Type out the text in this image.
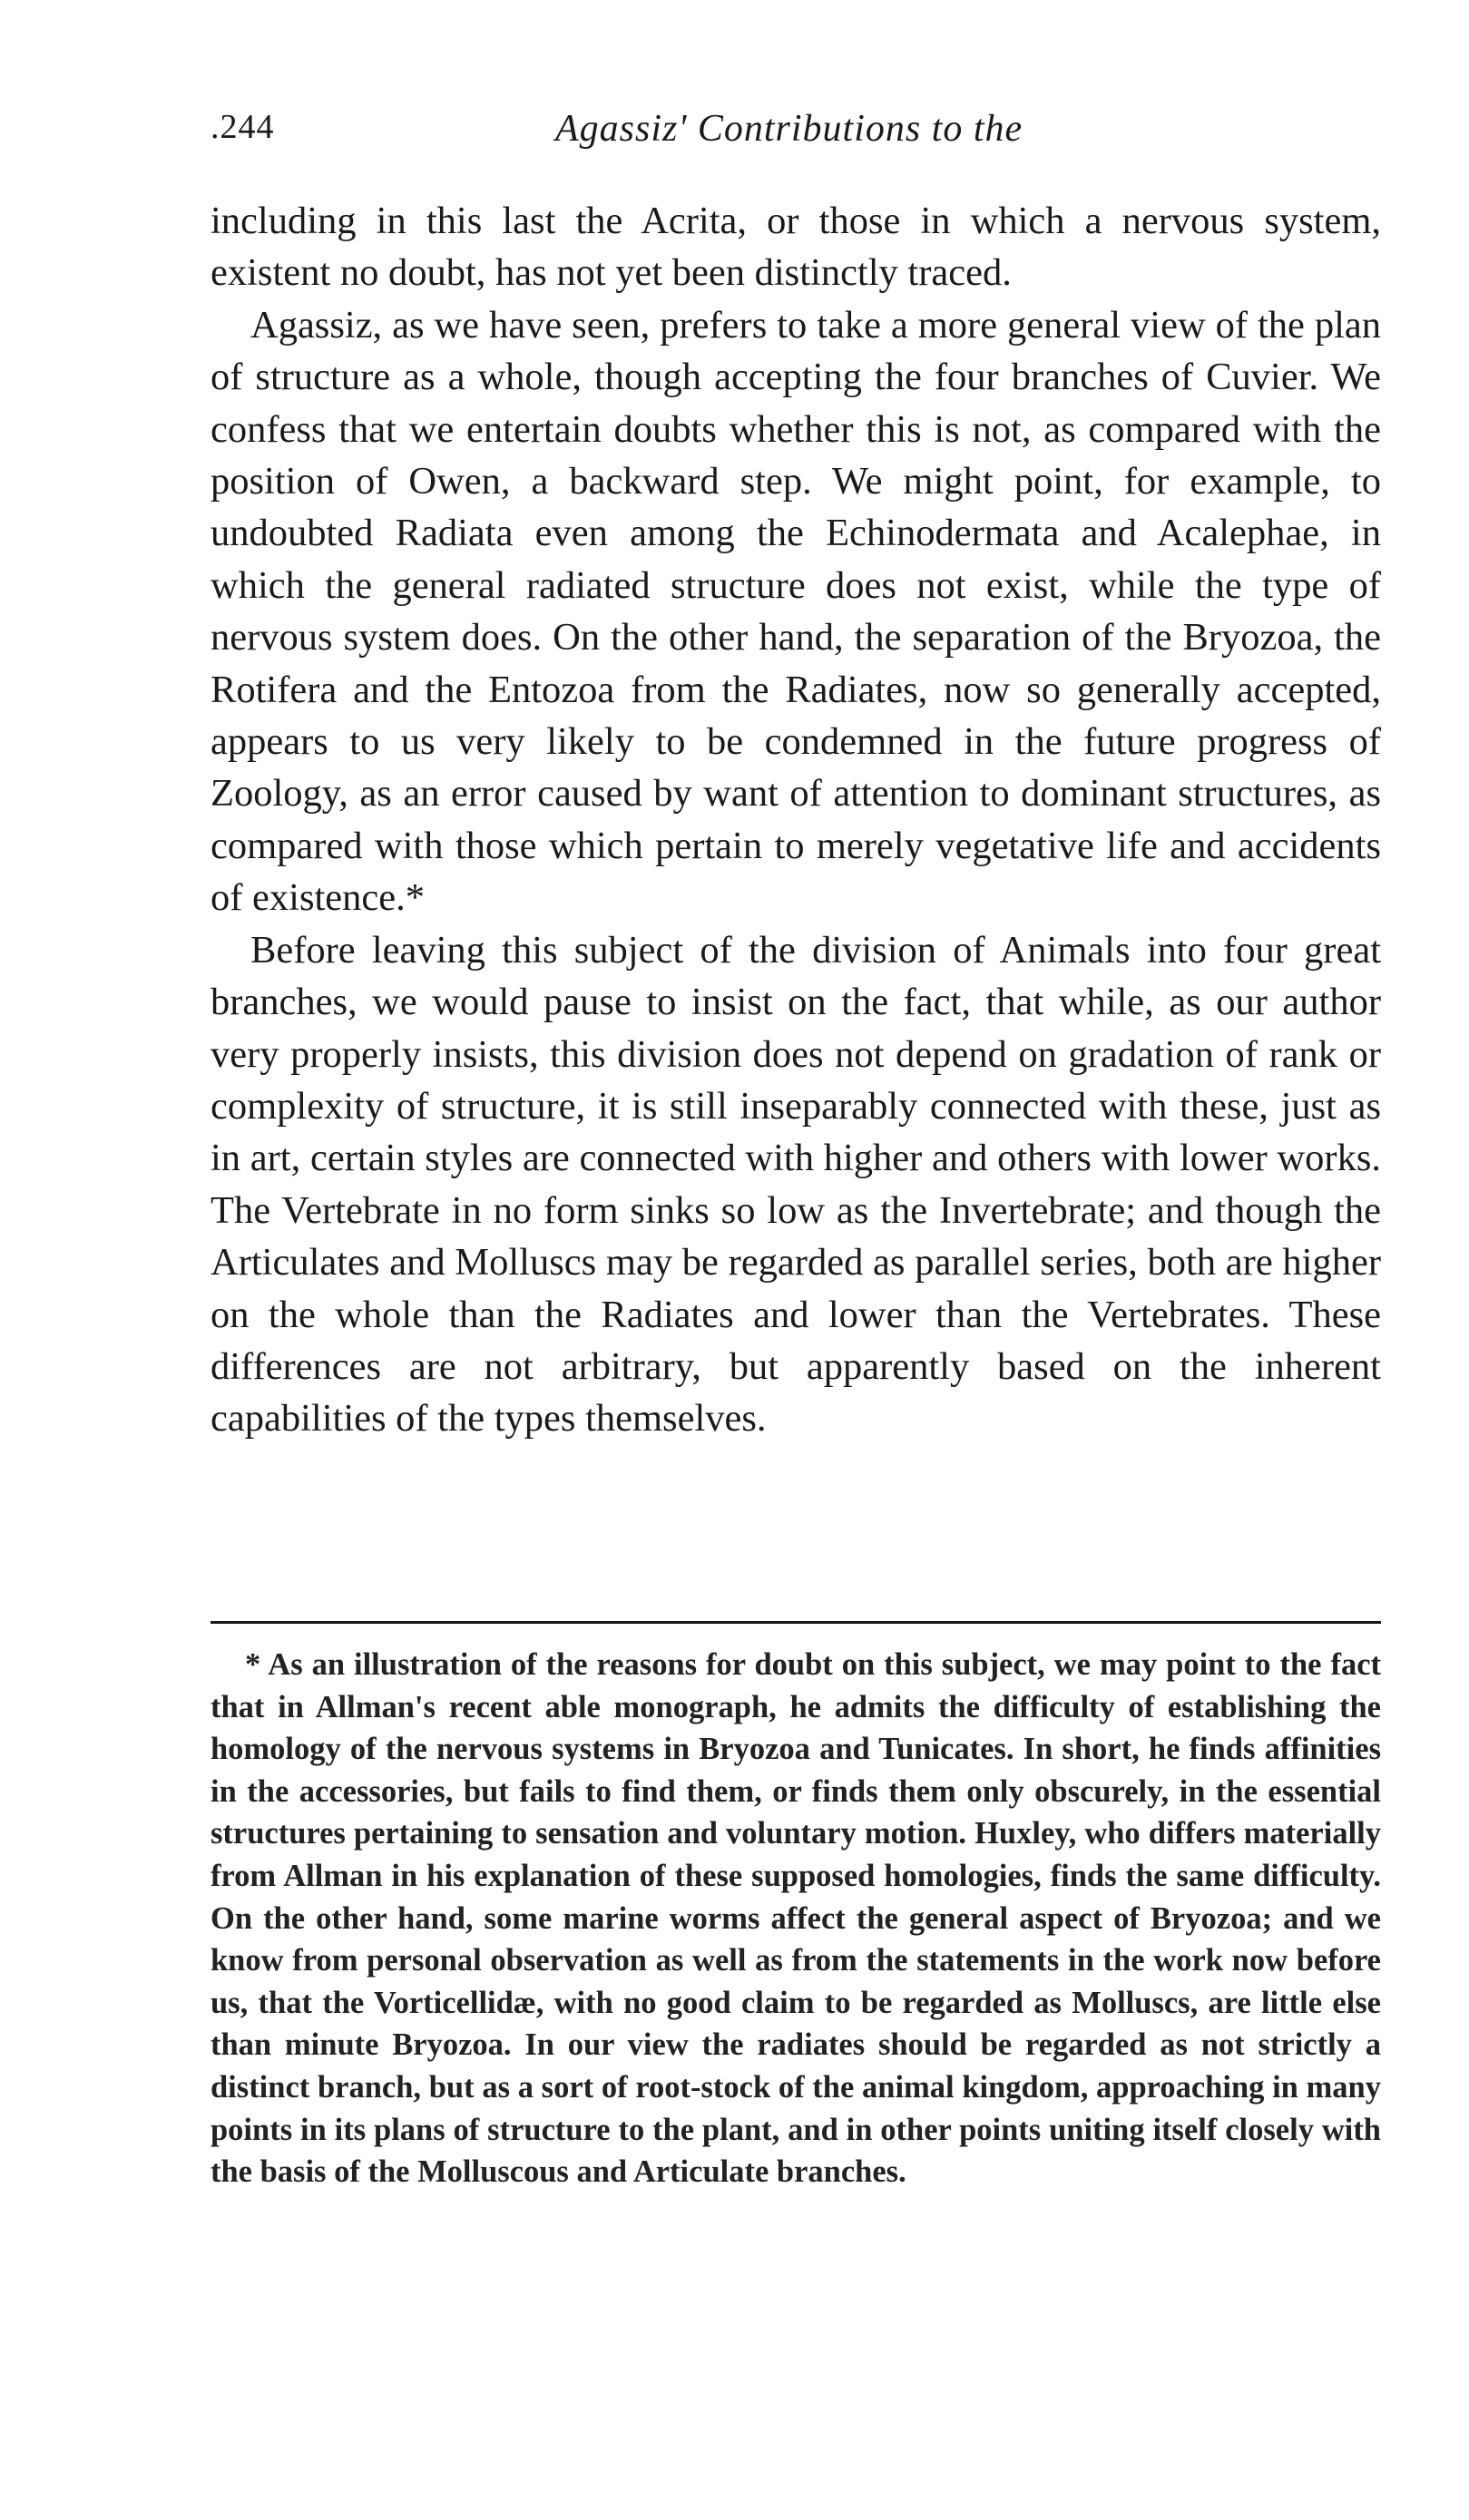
.244	Agassiz' Contributions to the

including in this last the Acrita, or those in which a nervous system, existent no doubt, has not yet been distinctly traced.

Agassiz, as we have seen, prefers to take a more general view of the plan of structure as a whole, though accepting the four branches of Cuvier. We confess that we entertain doubts whether this is not, as compared with the position of Owen, a backward step. We might point, for example, to undoubted Radiata even among the Echinodermata and Acalephae, in which the general radiated structure does not exist, while the type of nervous system does. On the other hand, the separation of the Bryozoa, the Rotifera and the Entozoa from the Radiates, now so generally accepted, appears to us very likely to be condemned in the future progress of Zoology, as an error caused by want of attention to dominant structures, as compared with those which pertain to merely vegetative life and accidents of existence.*

Before leaving this subject of the division of Animals into four great branches, we would pause to insist on the fact, that while, as our author very properly insists, this division does not depend on gradation of rank or complexity of structure, it is still inseparably connected with these, just as in art, certain styles are connected with higher and others with lower works. The Vertebrate in no form sinks so low as the Invertebrate; and though the Articulates and Molluscs may be regarded as parallel series, both are higher on the whole than the Radiates and lower than the Vertebrates. These differences are not arbitrary, but apparently based on the inherent capabilities of the types themselves.

* As an illustration of the reasons for doubt on this subject, we may point to the fact that in Allman's recent able monograph, he admits the difficulty of establishing the homology of the nervous systems in Bryozoa and Tunicates. In short, he finds affinities in the accessories, but fails to find them, or finds them only obscurely, in the essential structures pertaining to sensation and voluntary motion. Huxley, who differs materially from Allman in his explanation of these supposed homologies, finds the same difficulty. On the other hand, some marine worms affect the general aspect of Bryozoa; and we know from personal observation as well as from the statements in the work now before us, that the Vorticellidæ, with no good claim to be regarded as Molluscs, are little else than minute Bryozoa. In our view the radiates should be regarded as not strictly a distinct branch, but as a sort of root-stock of the animal kingdom, approaching in many points in its plans of structure to the plant, and in other points uniting itself closely with the basis of the Molluscous and Articulate branches.
